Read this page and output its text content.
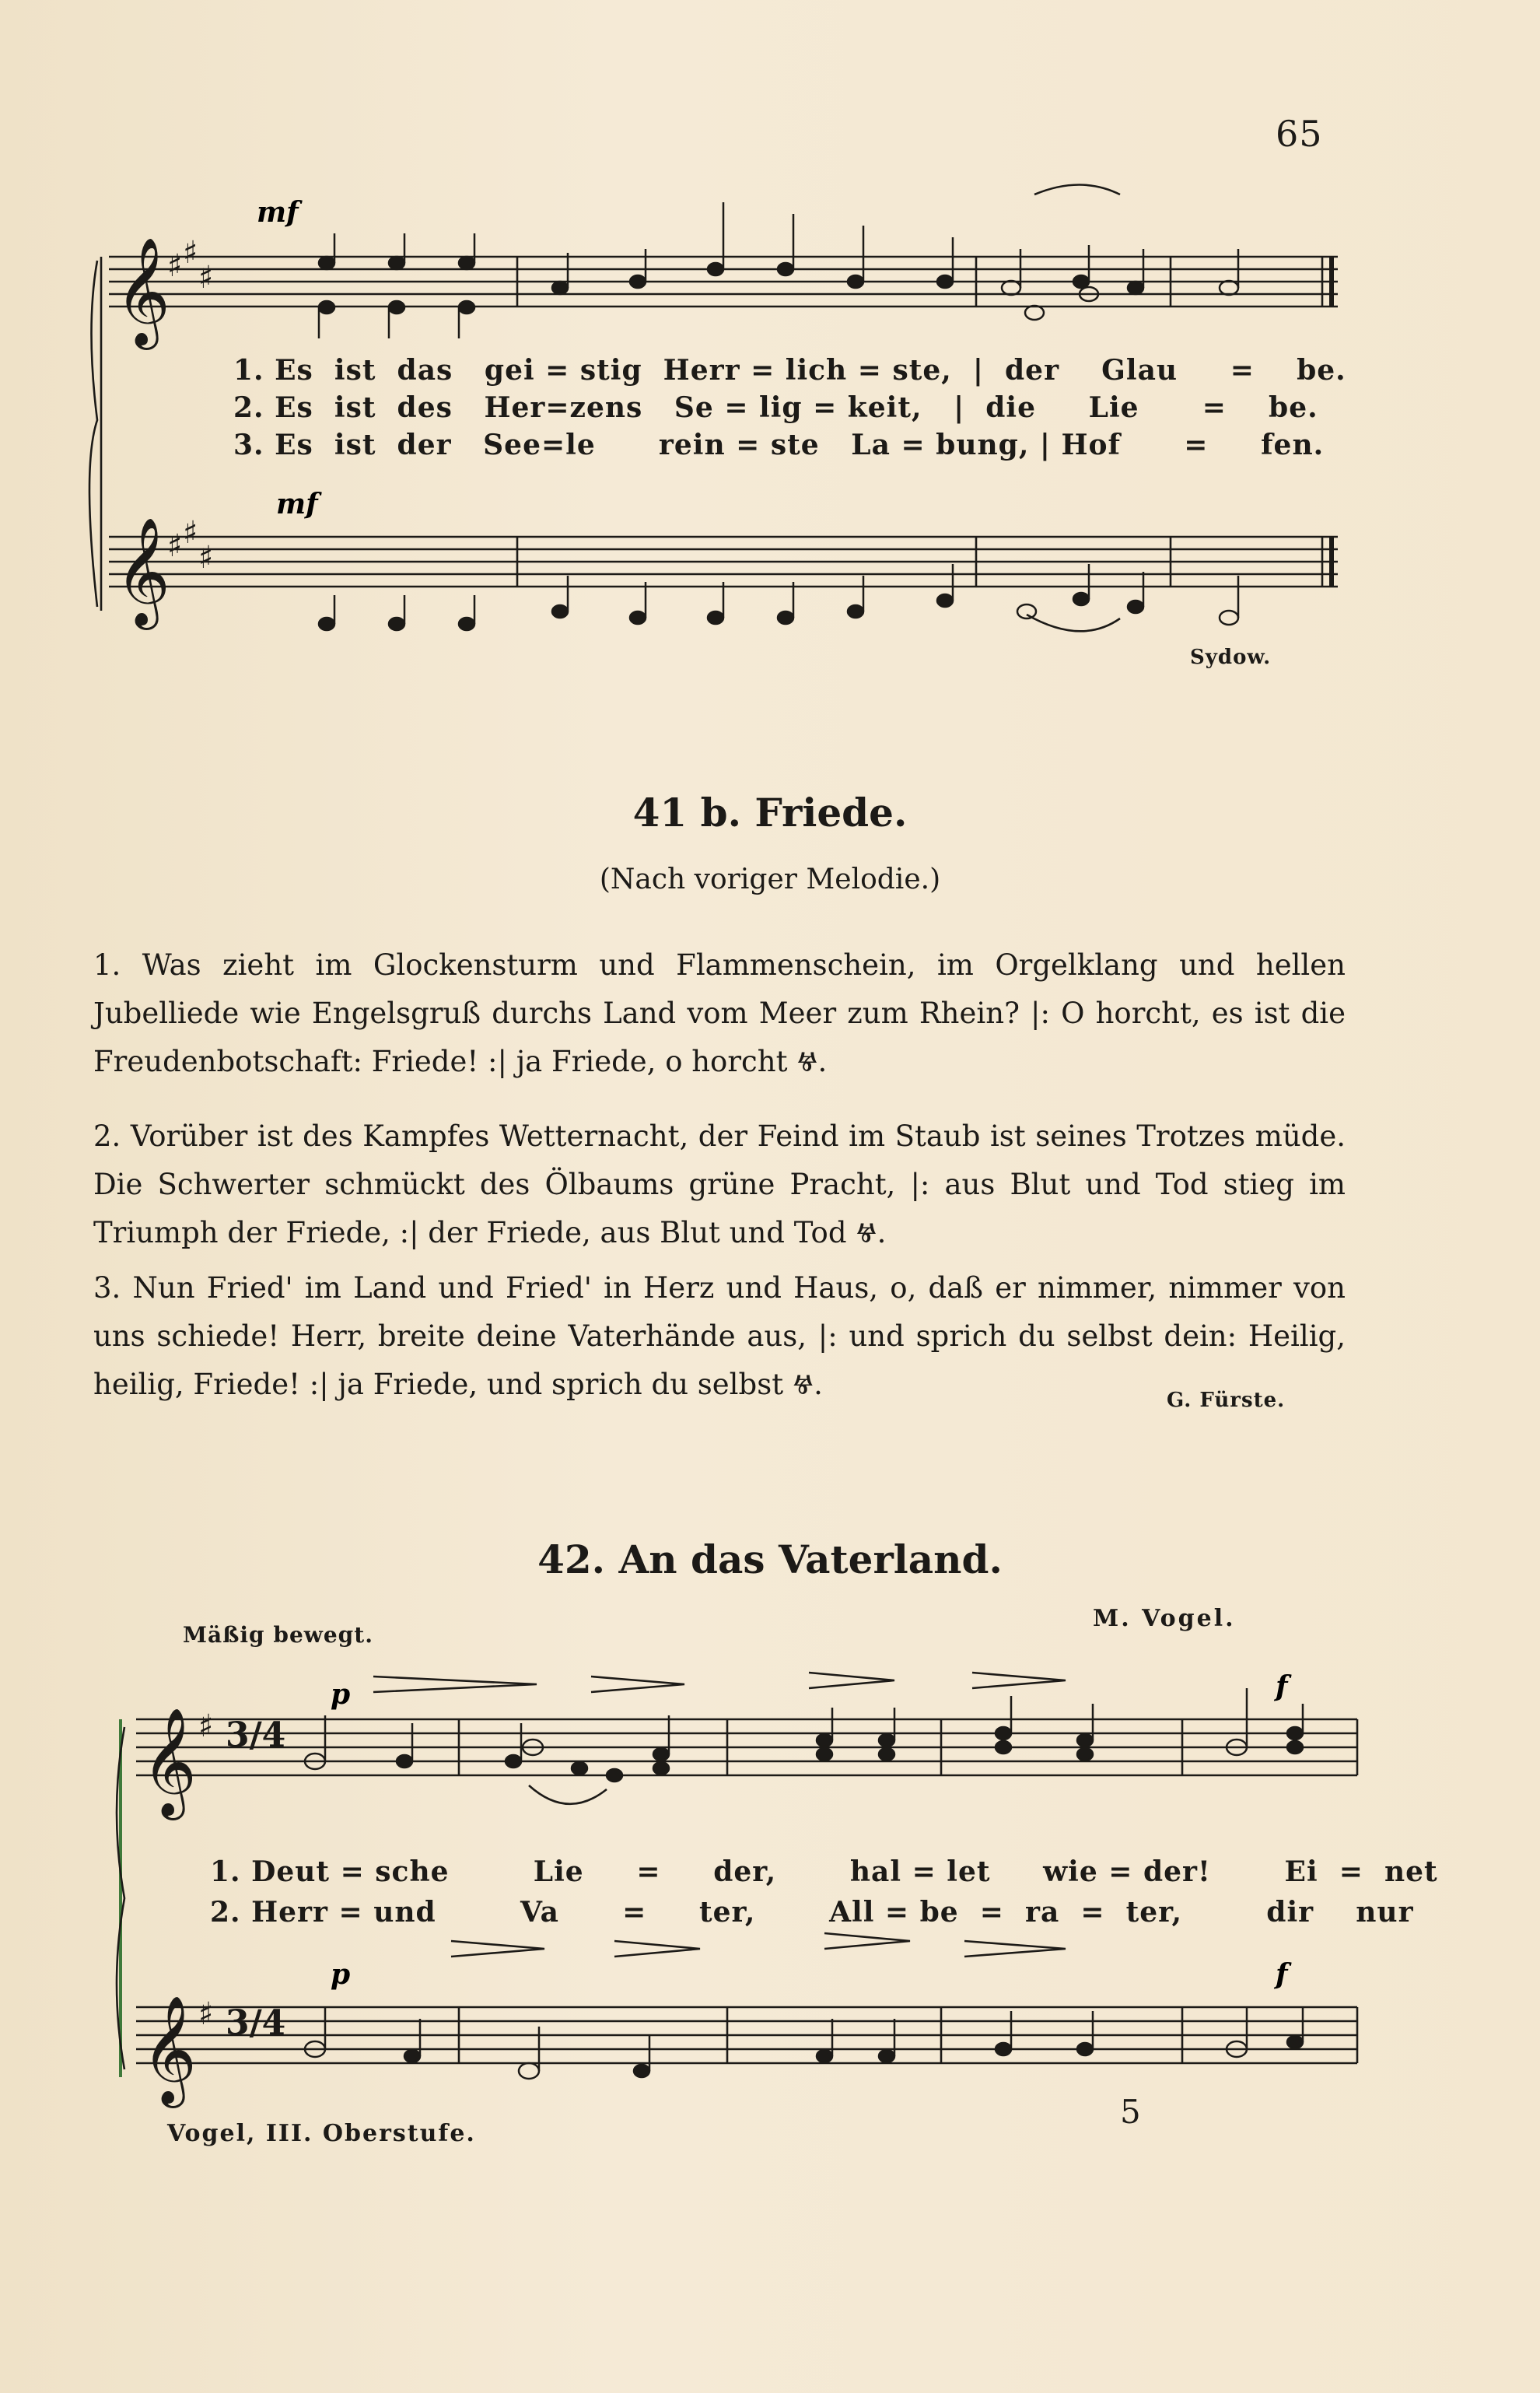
65
𝄞
𝄞
♯ ♯
♯
♯ ♯
♯
mf
mf
1. Es  ist  das   gei = stig  Herr = lich = ste,  |  der    Glau     =    be.
2. Es  ist  des   Her=zens   Se = lig = keit,   |  die     Lie      =    be.
3. Es  ist  der   See=le      rein = ste   La = bung, | Hof      =     fen.
Sydow.
41 b. Friede.
(Nach voriger Melodie.)
1. Was zieht im Glockensturm und Flammenschein, im Orgelklang und hellen Jubelliede wie Engelsgruß durchs Land vom Meer zum Rhein? |: O horcht, es ist die Freudenbotschaft: Friede! :| ja Friede, o horcht Ⱍ.
2. Vorüber ist des Kampfes Wetternacht, der Feind im Staub ist seines Trotzes müde. Die Schwerter schmückt des Ölbaums grüne Pracht, |: aus Blut und Tod stieg im Triumph der Friede, :| der Friede, aus Blut und Tod Ⱍ.
3. Nun Fried' im Land und Fried' in Herz und Haus, o, daß er nimmer, nimmer von uns schiede! Herr, breite deine Vaterhände aus, |: und sprich du selbst dein: Heilig, heilig, Friede! :| ja Friede, und sprich du selbst Ⱍ.	G. Fürste.
42. An das Vaterland.
Mäßig bewegt.
M. Vogel.
𝄞
𝄞
♯
♯
3/4
3/4
p	f
p	f
1. Deut = sche        Lie     =     der,       hal = let     wie = der!       Ei  =  net
2. Herr = und        Va      =     ter,       All = be  =  ra  =  ter,        dir    nur
5
Vogel, III. Oberstufe.
